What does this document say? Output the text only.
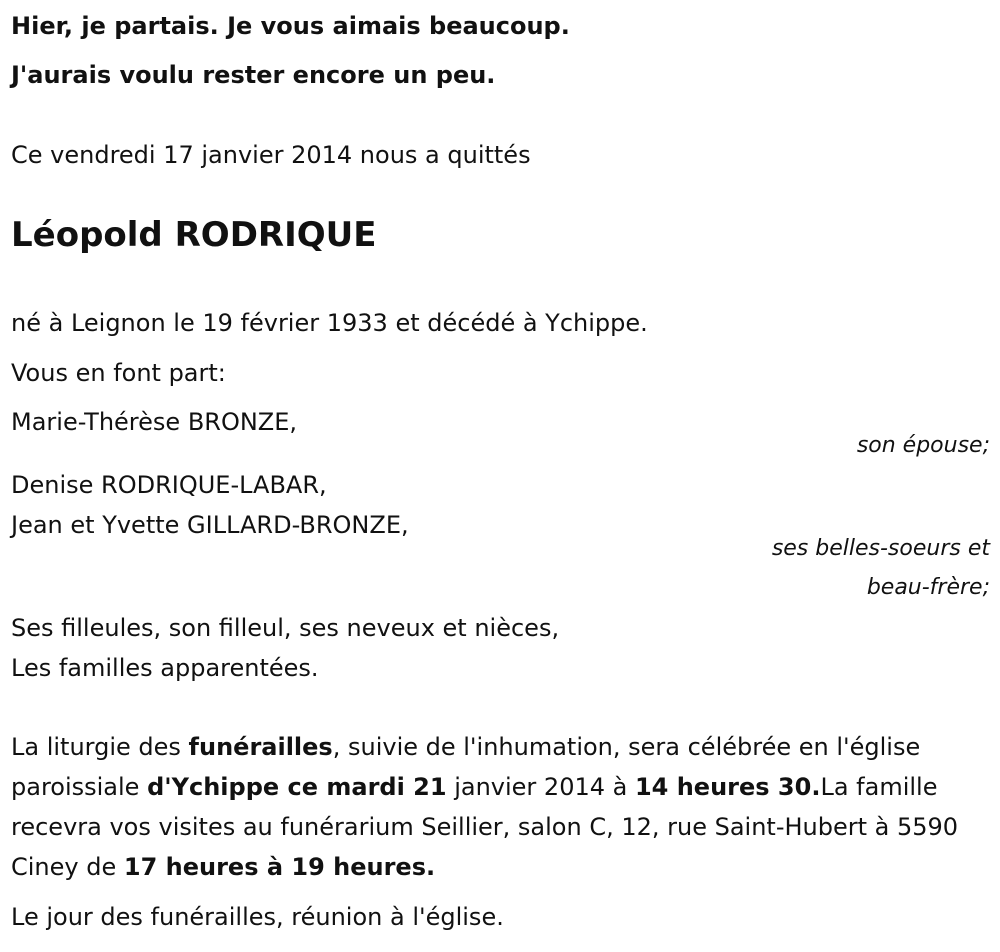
Hier, je partais. Je vous aimais beaucoup.
J'aurais voulu rester encore un peu.
Ce vendredi 17 janvier 2014 nous a quittés
Léopold RODRIQUE
né à Leignon le 19 février 1933 et décédé à Ychippe.
Vous en font part:
Marie-Thérèse BRONZE,
son épouse;
Denise RODRIQUE-LABAR,
Jean et Yvette GILLARD-BRONZE,
ses belles-soeurs et
beau-frère;
Ses filleules, son filleul, ses neveux et nièces,
Les familles apparentées.
La liturgie des funérailles, suivie de l'inhumation, sera célébrée en l'église paroissiale d'Ychippe ce mardi 21 janvier 2014 à 14 heures 30.La famille recevra vos visites au funérarium Seillier, salon C, 12, rue Saint-Hubert à 5590 Ciney de 17 heures à 19 heures.
Le jour des funérailles, réunion à l'église.
